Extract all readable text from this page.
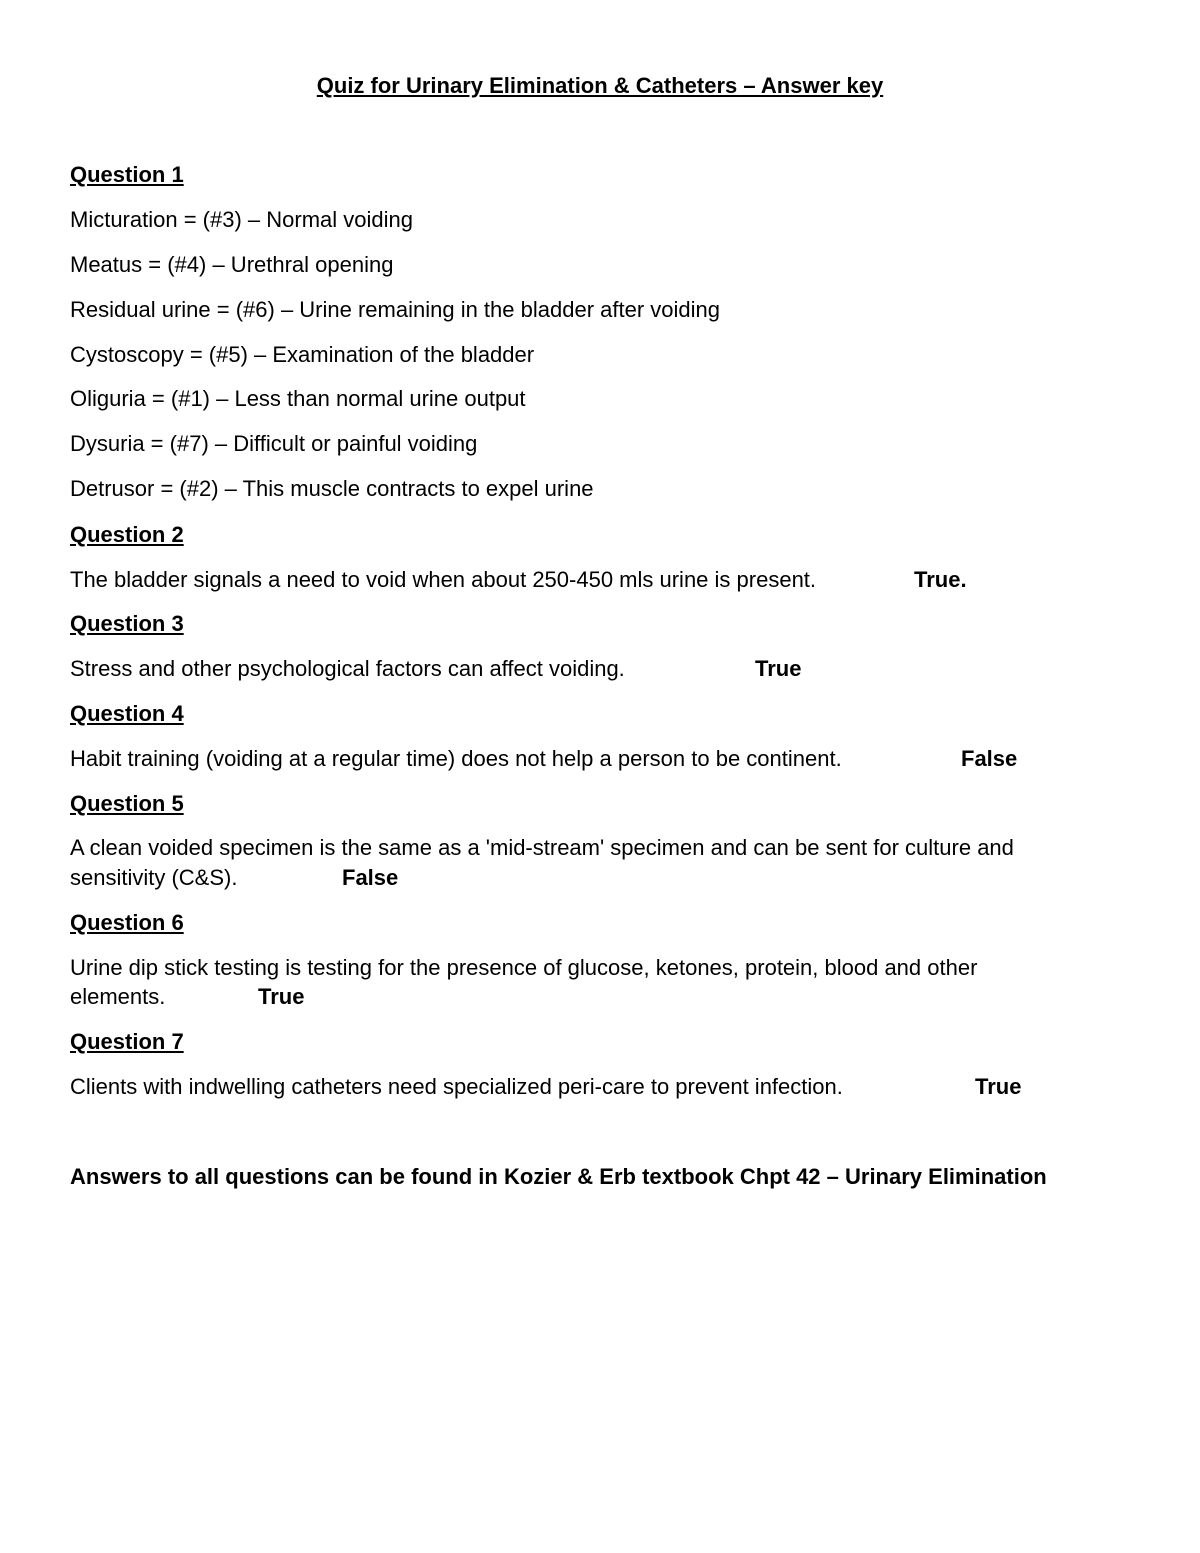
Quiz for Urinary Elimination & Catheters – Answer key
Question 1
Micturation = (#3) – Normal voiding
Meatus = (#4) – Urethral opening
Residual urine = (#6) – Urine remaining in the bladder after voiding
Cystoscopy = (#5) – Examination of the bladder
Oliguria = (#1) – Less than normal urine output
Dysuria = (#7) – Difficult or painful voiding
Detrusor = (#2) – This muscle contracts to expel urine
Question 2
The bladder signals a need to void when about 250-450 mls urine is present.	True.
Question 3
Stress and other psychological factors can affect voiding.	True
Question 4
Habit training (voiding at a regular time) does not help a person to be continent.	False
Question 5
A clean voided specimen is the same as a 'mid-stream' specimen and can be sent for culture and
sensitivity (C&S).	False
Question 6
Urine dip stick testing is testing for the presence of glucose, ketones, protein, blood and other
elements.	True
Question 7
Clients with indwelling catheters need specialized peri-care to prevent infection.	True
Answers to all questions can be found in Kozier & Erb textbook Chpt 42 – Urinary Elimination
